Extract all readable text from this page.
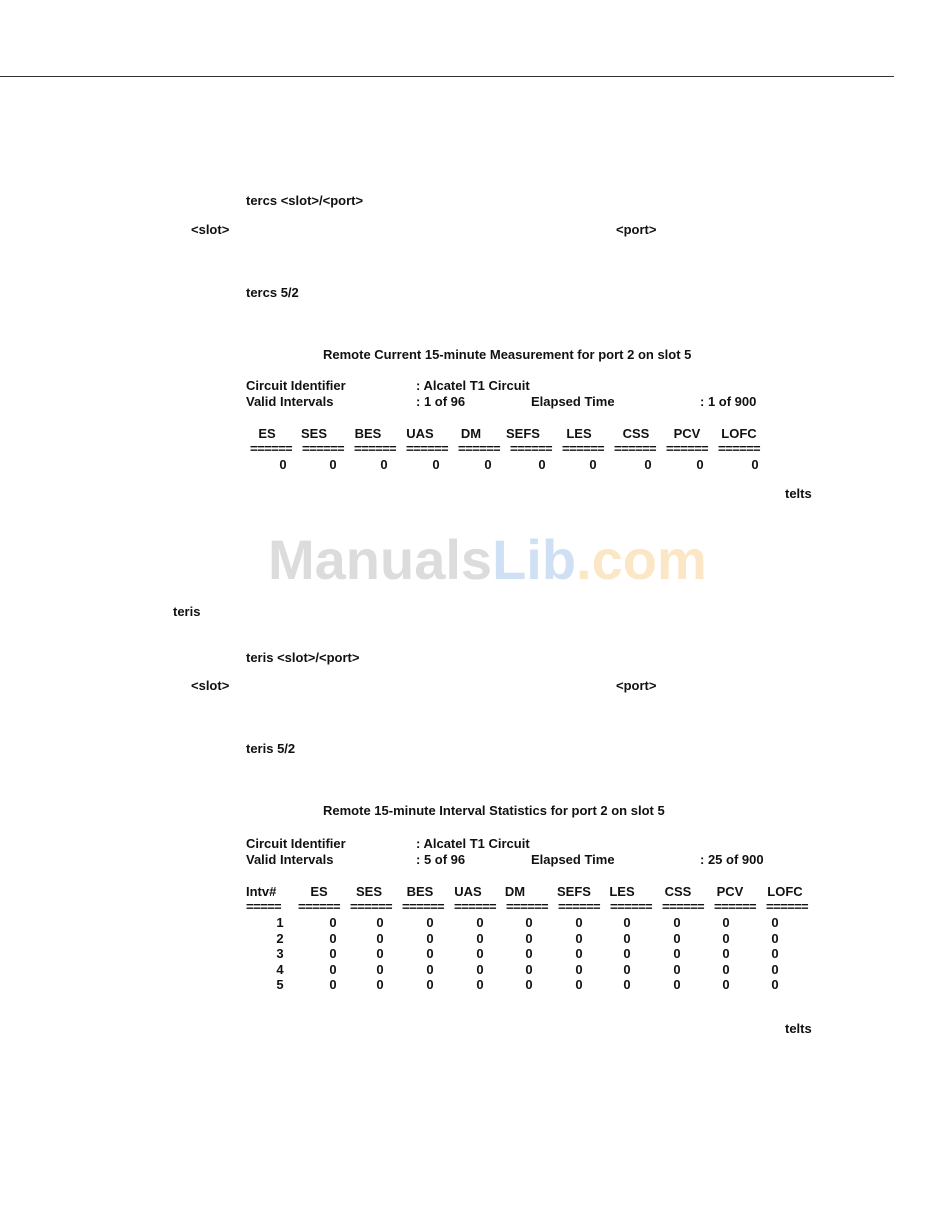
tercs <slot>/<port>
<slot>	<port>
tercs 5/2
Remote Current 15-minute Measurement for port 2 on slot 5
Circuit Identifier	: Alcatel T1 Circuit
Valid Intervals	: 1 of 96	Elapsed Time	: 1 of 900
ES	SES	BES	UAS	DM	SEFS	LES	CSS	PCV	LOFC
====== ====== ====== ====== ====== ====== ====== ====== ====== ======
0	0	0	0	0	0	0	0	0	0
telts
ManualsLib.com
teris
teris <slot>/<port>
<slot>	<port>
teris 5/2
Remote 15-minute Interval Statistics for port 2 on slot 5
Circuit Identifier	: Alcatel T1 Circuit
Valid Intervals	: 5 of 96	Elapsed Time	: 25 of 900
Intv#	ES	SES	BES	UAS	DM	SEFS	LES	CSS	PCV	LOFC
=====	====== ====== ====== ====== ====== ====== ====== ====== ====== ======
1	0	0	0	0	0	0	0	0	0	0
2	0	0	0	0	0	0	0	0	0	0
3	0	0	0	0	0	0	0	0	0	0
4	0	0	0	0	0	0	0	0	0	0
5	0	0	0	0	0	0	0	0	0	0
telts
